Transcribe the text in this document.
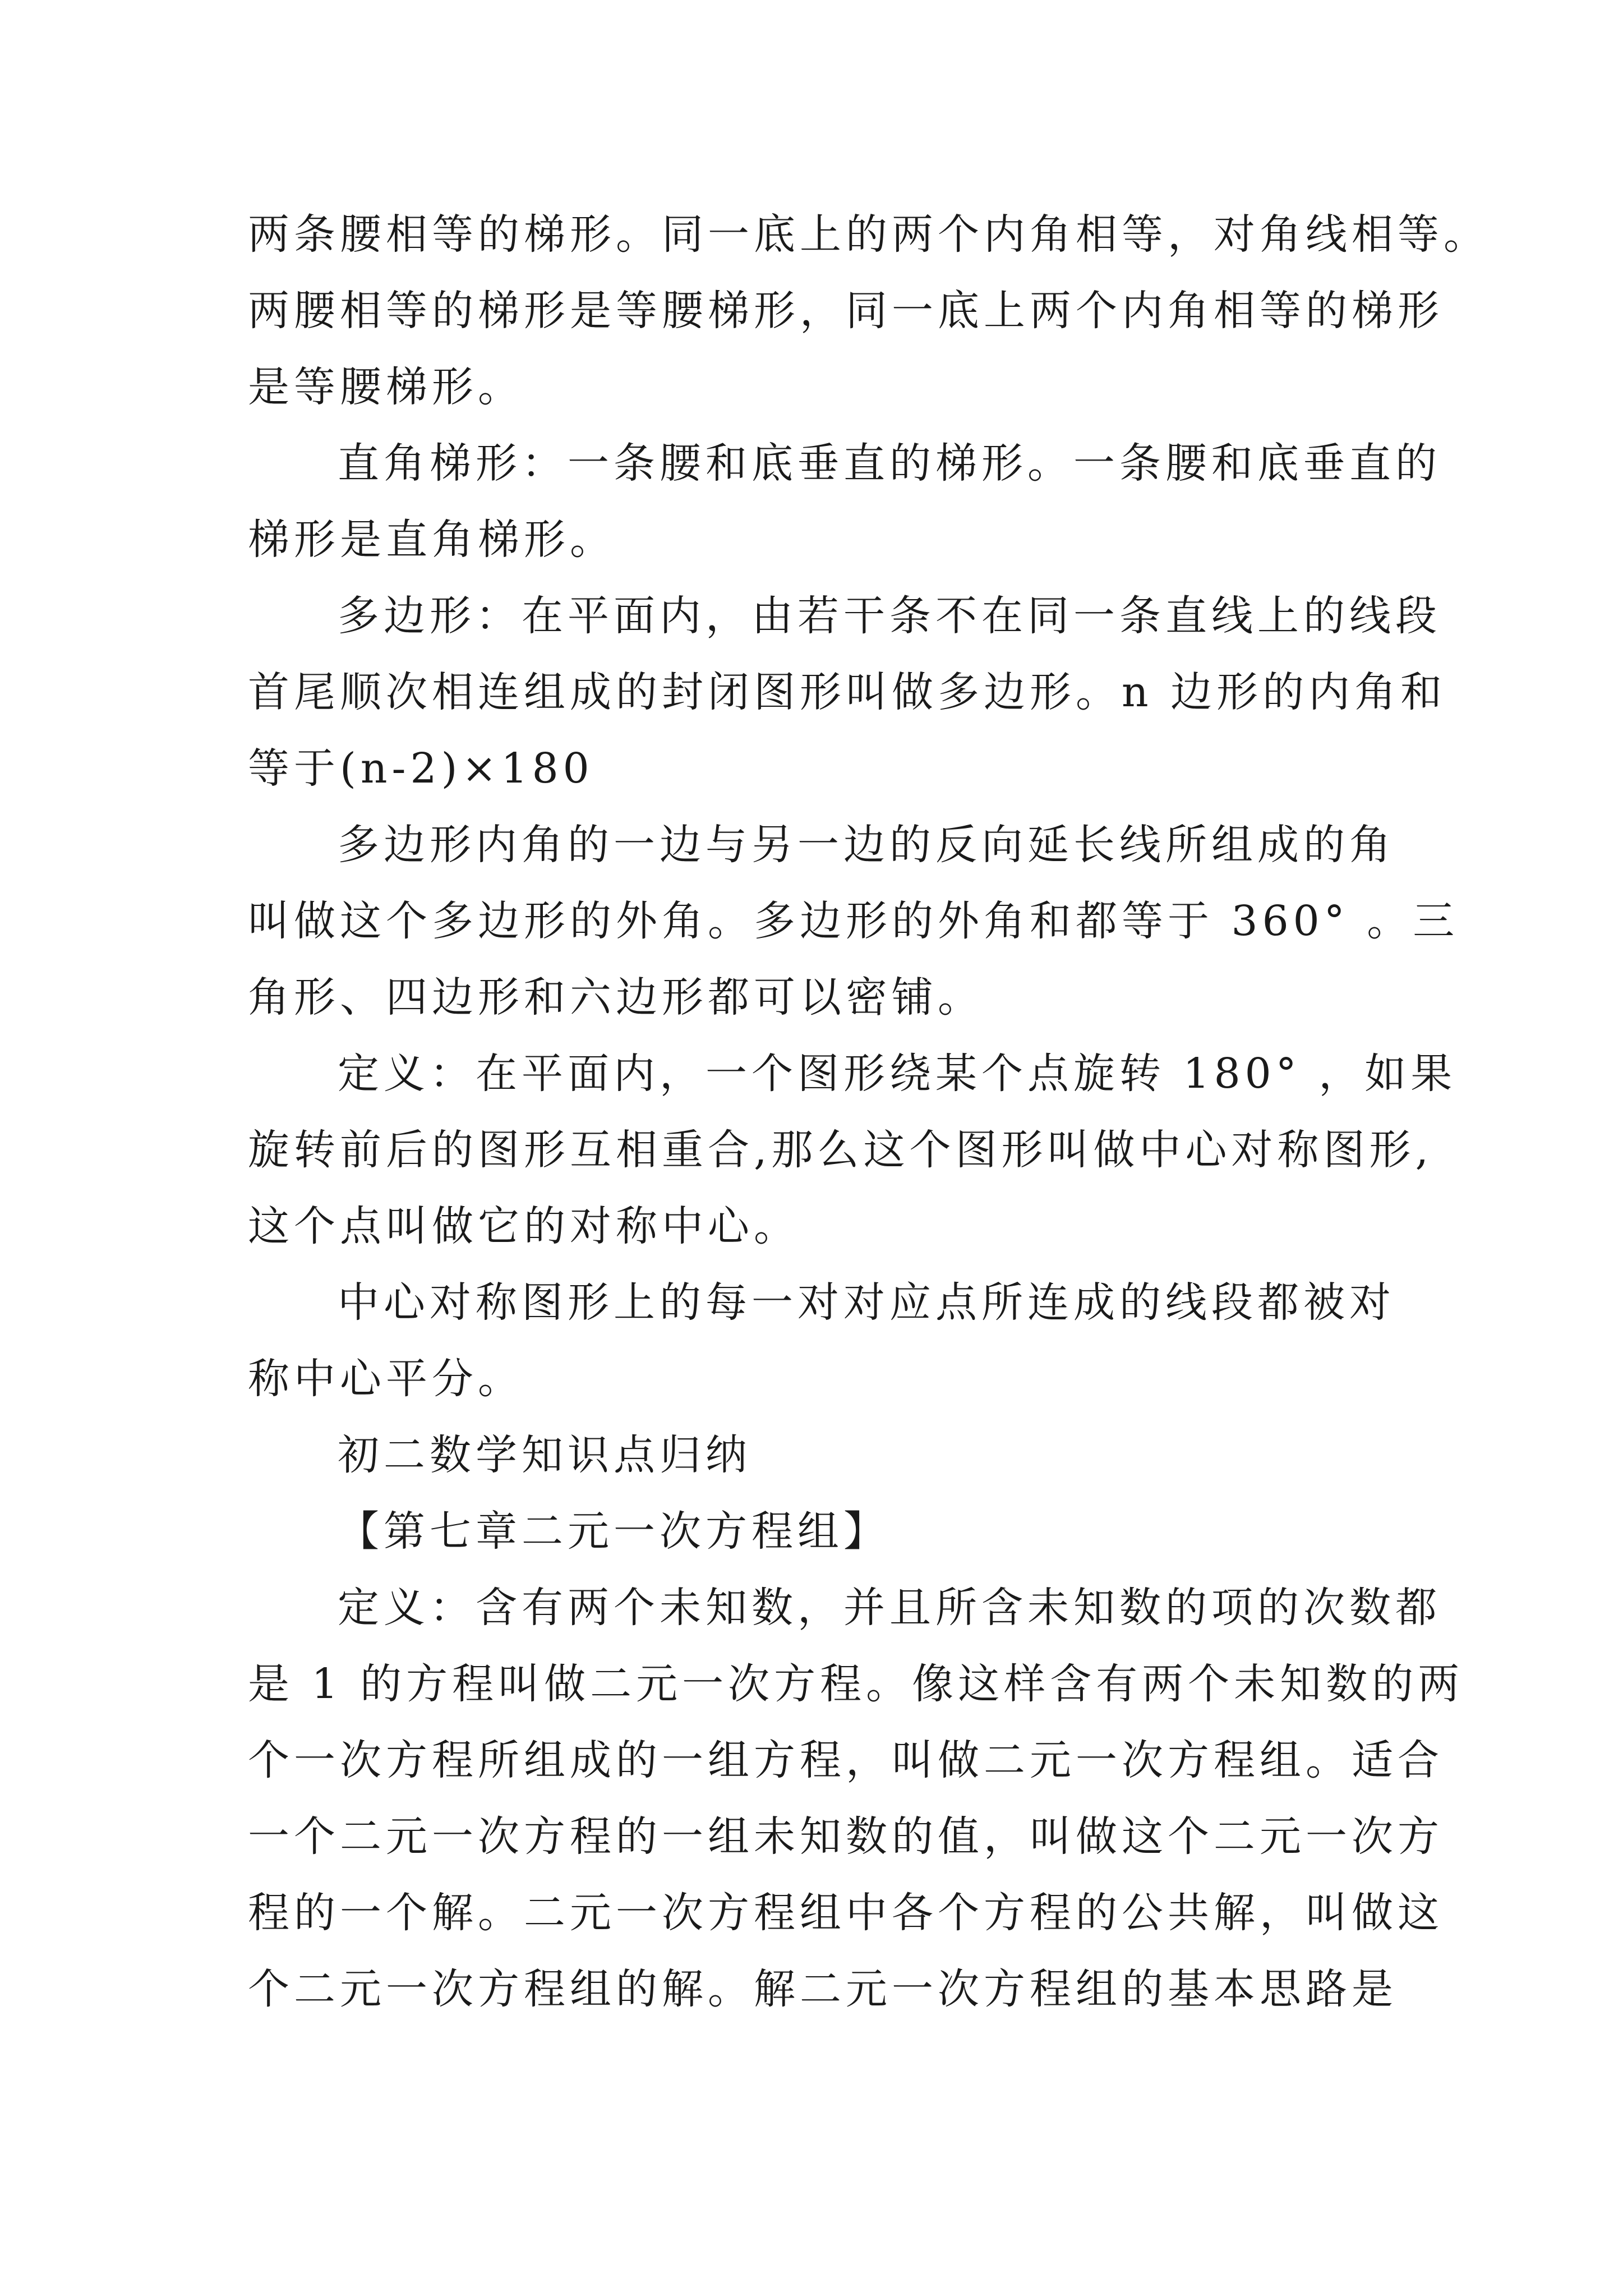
两条腰相等的梯形。同一底上的两个内角相等，对角线相等。
两腰相等的梯形是等腰梯形，同一底上两个内角相等的梯形
是等腰梯形。
直角梯形：一条腰和底垂直的梯形。一条腰和底垂直的
梯形是直角梯形。
多边形：在平面内，由若干条不在同一条直线上的线段
首尾顺次相连组成的封闭图形叫做多边形。n 边形的内角和
等于(n-2)×180
多边形内角的一边与另一边的反向延长线所组成的角
叫做这个多边形的外角。多边形的外角和都等于 360° 。三
角形、四边形和六边形都可以密铺。
定义：在平面内，一个图形绕某个点旋转 180° ，如果
旋转前后的图形互相重合,那么这个图形叫做中心对称图形,
这个点叫做它的对称中心。
中心对称图形上的每一对对应点所连成的线段都被对
称中心平分。
初二数学知识点归纳
【第七章二元一次方程组】
定义：含有两个未知数，并且所含未知数的项的次数都
是 1 的方程叫做二元一次方程。像这样含有两个未知数的两
个一次方程所组成的一组方程，叫做二元一次方程组。适合
一个二元一次方程的一组未知数的值，叫做这个二元一次方
程的一个解。二元一次方程组中各个方程的公共解，叫做这
个二元一次方程组的解。解二元一次方程组的基本思路是
